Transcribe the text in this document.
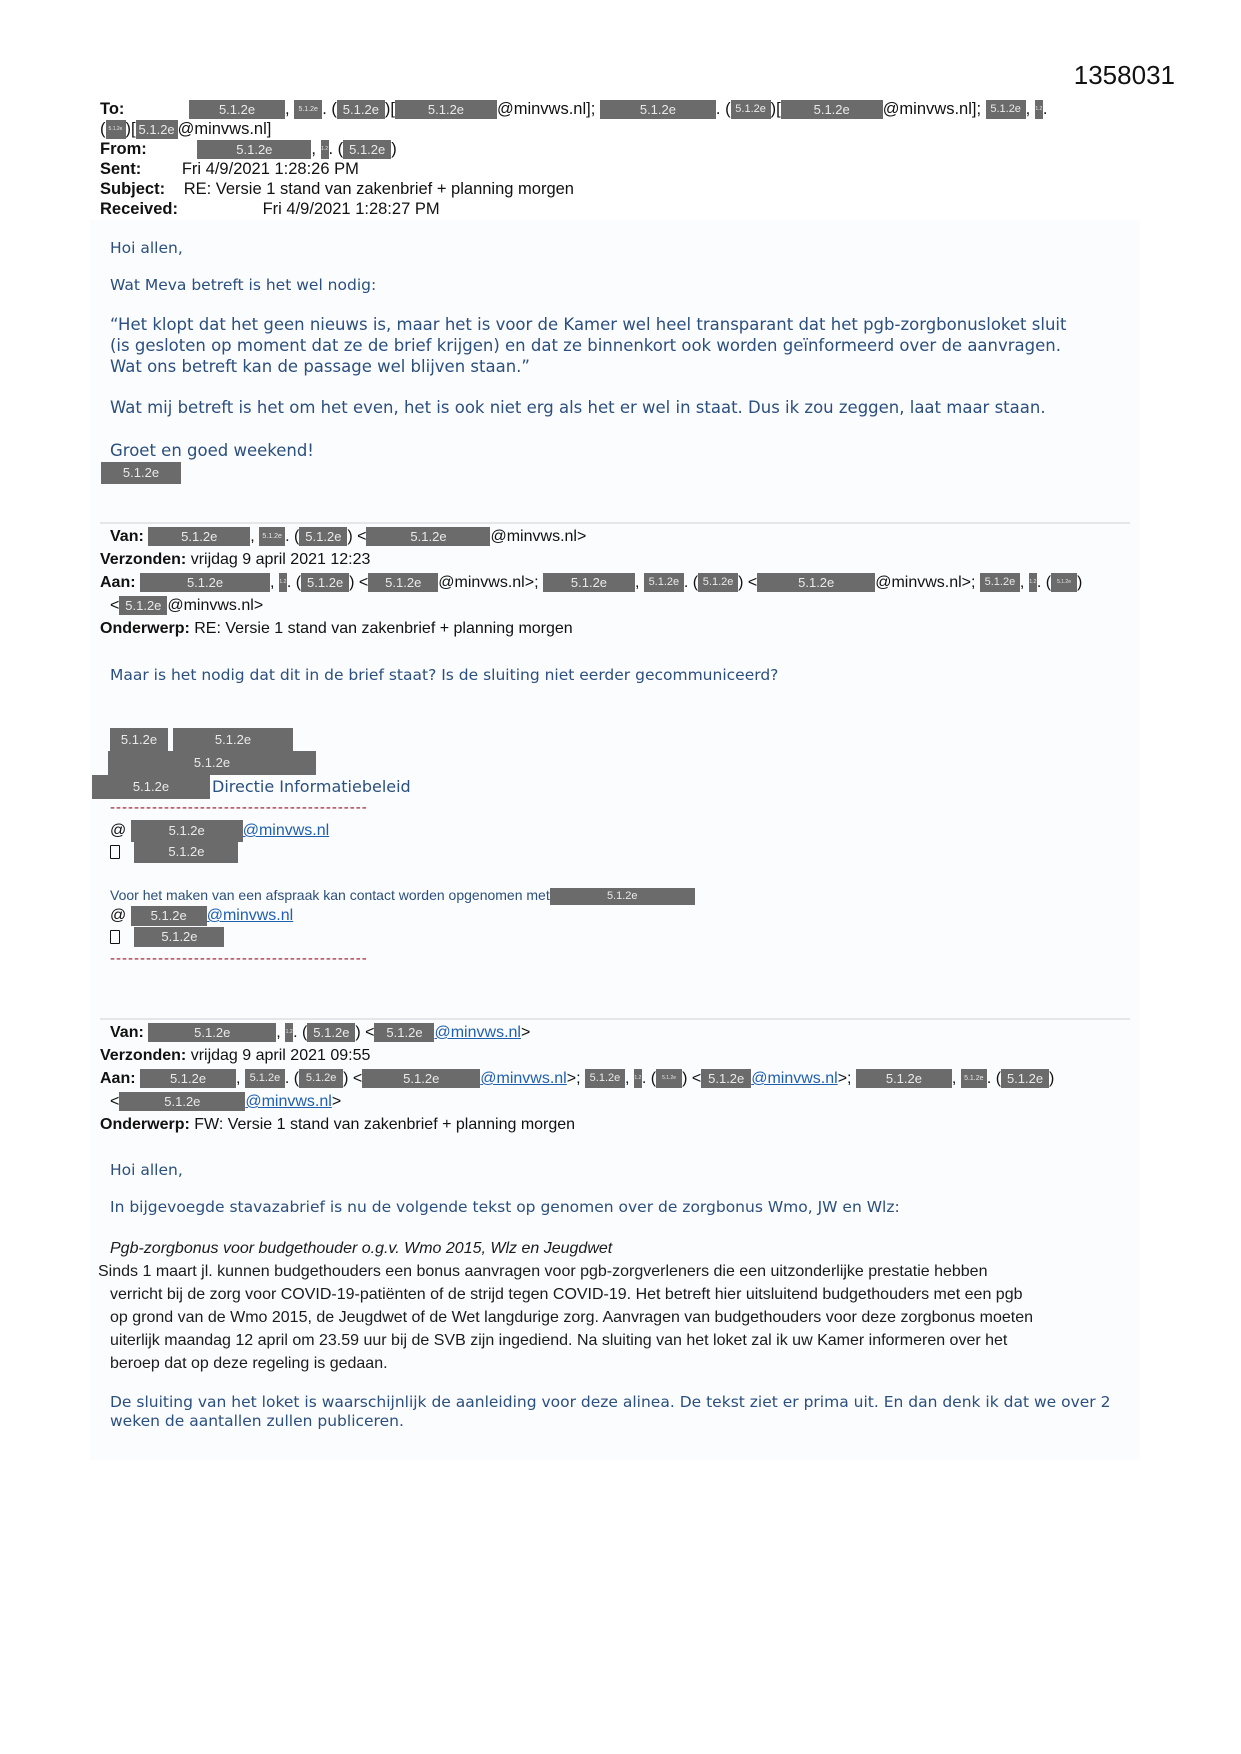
1358031
To:	5.1.2e , 5.1.2e . ( 5.1.2e )[	5.1.2e @minvws.nl];	5.1.2e . ( 5.1.2e )[	5.1.2e @minvws.nl]; 5.1.2e , 1.2.
( 5.1.2e )[ 5.1.2e @minvws.nl]
From:	5.1.2e , 1.2. ( 5.1.2e )
Sent: Fri 4/9/2021 1:28:26 PM
Subject: RE: Versie 1 stand van zakenbrief + planning morgen
Received:	Fri 4/9/2021 1:28:27 PM
Hoi allen,
Wat Meva betreft is het wel nodig:
“Het klopt dat het geen nieuws is, maar het is voor de Kamer wel heel transparant dat het pgb-zorgbonusloket sluit
(is gesloten op moment dat ze de brief krijgen) en dat ze binnenkort ook worden geïnformeerd over de aanvragen.
Wat ons betreft kan de passage wel blijven staan.”
Wat mij betreft is het om het even, het is ook niet erg als het er wel in staat. Dus ik zou zeggen, laat maar staan.
Groet en goed weekend!
5.1.2e
Van:	5.1.2e , 5.1.2e . ( 5.1.2e ) <	5.1.2e	@minvws.nl>
Verzonden: vrijdag 9 april 2021 12:23
Aan:	5.1.2e	, 1.2. ( 5.1.2e ) < 5.1.2e @minvws.nl>; 5.1.2e , 5.1.2e . ( 5.1.2e ) <	5.1.2e	@minvws.nl>; 5.1.2e , 1.2. ( 5.1.2e )
< 5.1.2e @minvws.nl>
Onderwerp: RE: Versie 1 stand van zakenbrief + planning morgen
Maar is het nodig dat dit in de brief staat? Is de sluiting niet eerder gecommuniceerd?
5.1.2e	5.1.2e
5.1.2e
5.1.2e	Directie Informatiebeleid
-------------------------------------------
@	5.1.2e @minvws.nl
5.1.2e
Voor het maken van een afspraak kan contact worden opgenomen met	5.1.2e
@ 5.1.2e @minvws.nl
5.1.2e
-------------------------------------------
Van:	5.1.2e	, 1.2. ( 5.1.2e ) < 5.1.2e @minvws.nl>
Verzonden: vrijdag 9 april 2021 09:55
Aan:	5.1.2e , 5.1.2e . ( 5.1.2e ) <	5.1.2e	@minvws.nl>; 5.1.2e , 1.2. ( 5.1.2e ) < 5.1.2e @minvws.nl>; 5.1.2e , 5.1.2e . ( 5.1.2e )
<	5.1.2e	@minvws.nl>
Onderwerp: FW: Versie 1 stand van zakenbrief + planning morgen
Hoi allen,
In bijgevoegde stavazabrief is nu de volgende tekst op genomen over de zorgbonus Wmo, JW en Wlz:
Pgb-zorgbonus voor budgethouder o.g.v. Wmo 2015, Wlz en Jeugdwet
Sinds 1 maart jl. kunnen budgethouders een bonus aanvragen voor pgb-zorgverleners die een uitzonderlijke prestatie hebben
verricht bij de zorg voor COVID-19-patiënten of de strijd tegen COVID-19. Het betreft hier uitsluitend budgethouders met een pgb
op grond van de Wmo 2015, de Jeugdwet of de Wet langdurige zorg. Aanvragen van budgethouders voor deze zorgbonus moeten
uiterlijk maandag 12 april om 23.59 uur bij de SVB zijn ingediend. Na sluiting van het loket zal ik uw Kamer informeren over het
beroep dat op deze regeling is gedaan.
De sluiting van het loket is waarschijnlijk de aanleiding voor deze alinea. De tekst ziet er prima uit. En dan denk ik dat we over 2
weken de aantallen zullen publiceren.
